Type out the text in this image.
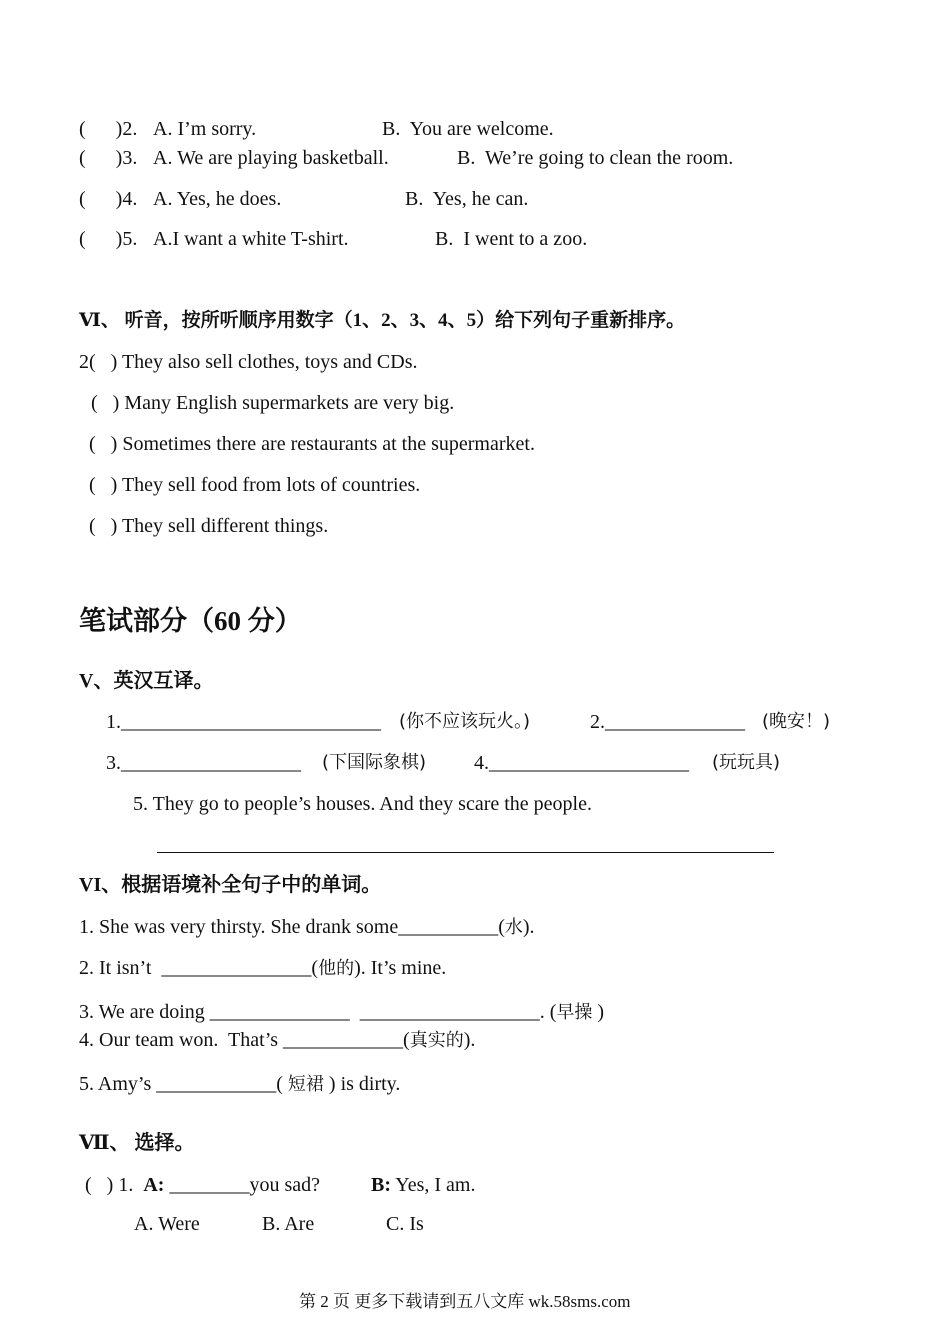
(      )2. A. I’m sorry.	B.  You are welcome.
(      )3. A. We are playing basketball.	B.  We’re going to clean the room.
(      )4. A. Yes, he does.	B.  Yes, he can.
(      )5. A.I want a white T-shirt.	B.  I went to a zoo.
Ⅵ、 听音，按所听顺序用数字（1、2、3、4、5）给下列句子重新排序。
2(   ) They also sell clothes, toys and CDs.
(   ) Many English supermarkets are very big.
(   ) Sometimes there are restaurants at the supermarket.
(   ) They sell food from lots of countries.
(   ) They sell different things.
笔试部分（60 分）
V、英汉互译。
1.__________________________ (你不应该玩火。)	2.______________ (晚安！)
3.__________________ (下国际象棋) 4.____________________ (玩玩具)
5. They go to people’s houses. And they scare the people.
VI、根据语境补全句子中的单词。
1. She was very thirsty. She drank some__________(水).
2. It isn’t  _______________(他的). It’s mine.
3. We are doing ______________  __________________. (早操 )
4. Our team won.  That’s ____________(真实的).
5. Amy’s ____________( 短裙 ) is dirty.
Ⅶ、 选择。
(   ) 1. A: ________you sad?	B: Yes, I am.
A. Were	B. Are	C. Is
第 2 页 更多下载请到五八文库 wk.58sms.com
